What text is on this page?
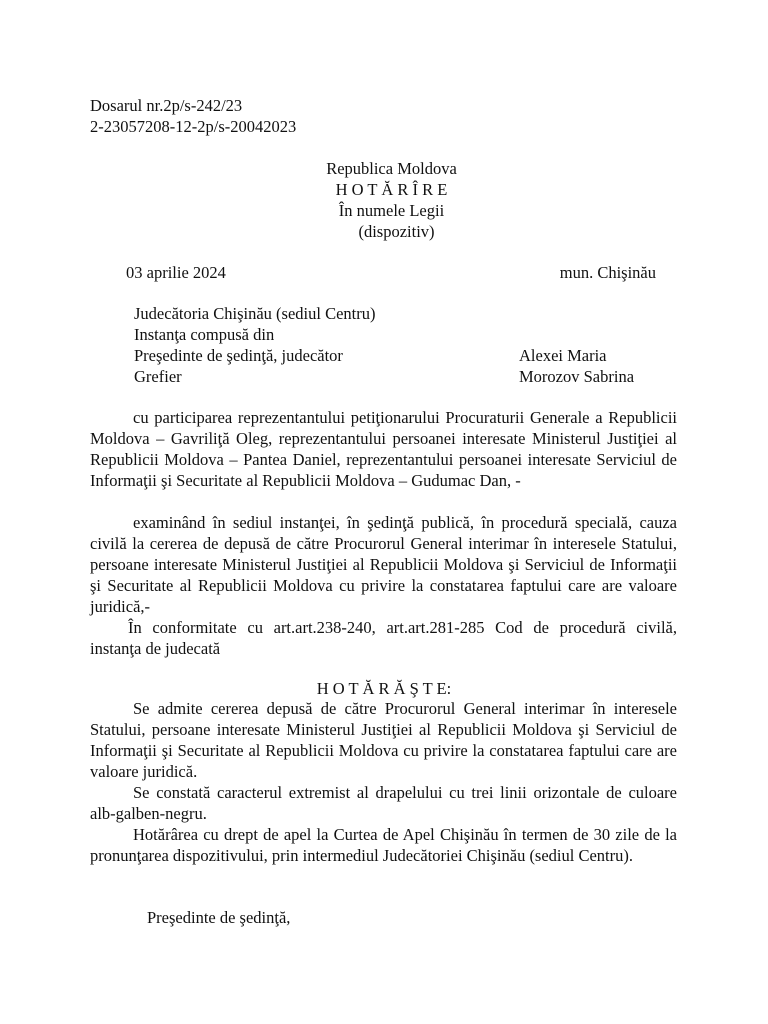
Dosarul nr.2p/s-242/23
2-23057208-12-2p/s-20042023
Republica Moldova
H O T Ă R Î R E
În numele Legii
(dispozitiv)
03 aprilie 2024	mun. Chişinău
Judecătoria Chişinău (sediul Centru)
Instanţa compusă din
Preşedinte de şedinţă, judecător	Alexei Maria
Grefier	Morozov Sabrina
cu participarea reprezentantului petiţionarului Procuraturii Generale a Republicii Moldova – Gavriliţă Oleg, reprezentantului persoanei interesate Ministerul Justiţiei al Republicii Moldova – Pantea Daniel, reprezentantului persoanei interesate Serviciul de Informaţii şi Securitate al Republicii Moldova – Gudumac Dan, -
examinând în sediul instanţei, în şedinţă publică, în procedură specială, cauza civilă la cererea de depusă de către Procurorul General interimar în interesele Statului, persoane interesate Ministerul Justiţiei al Republicii Moldova şi Serviciul de Informaţii şi Securitate al Republicii Moldova cu privire la constatarea faptului care are valoare juridică,-
În conformitate cu art.art.238-240, art.art.281-285 Cod de procedură civilă, instanţa de judecată
H O T Ă R Ă Ş T E:
Se admite cererea depusă de către Procurorul General interimar în interesele Statului, persoane interesate Ministerul Justiţiei al Republicii Moldova şi Serviciul de Informaţii şi Securitate al Republicii Moldova cu privire la constatarea faptului care are valoare juridică.
Se constată caracterul extremist al drapelului cu trei linii orizontale de culoare alb-galben-negru.
Hotărârea cu drept de apel la Curtea de Apel Chişinău în termen de 30 zile de la pronunţarea dispozitivului, prin intermediul Judecătoriei Chişinău (sediul Centru).
Preşedinte de şedinţă,
